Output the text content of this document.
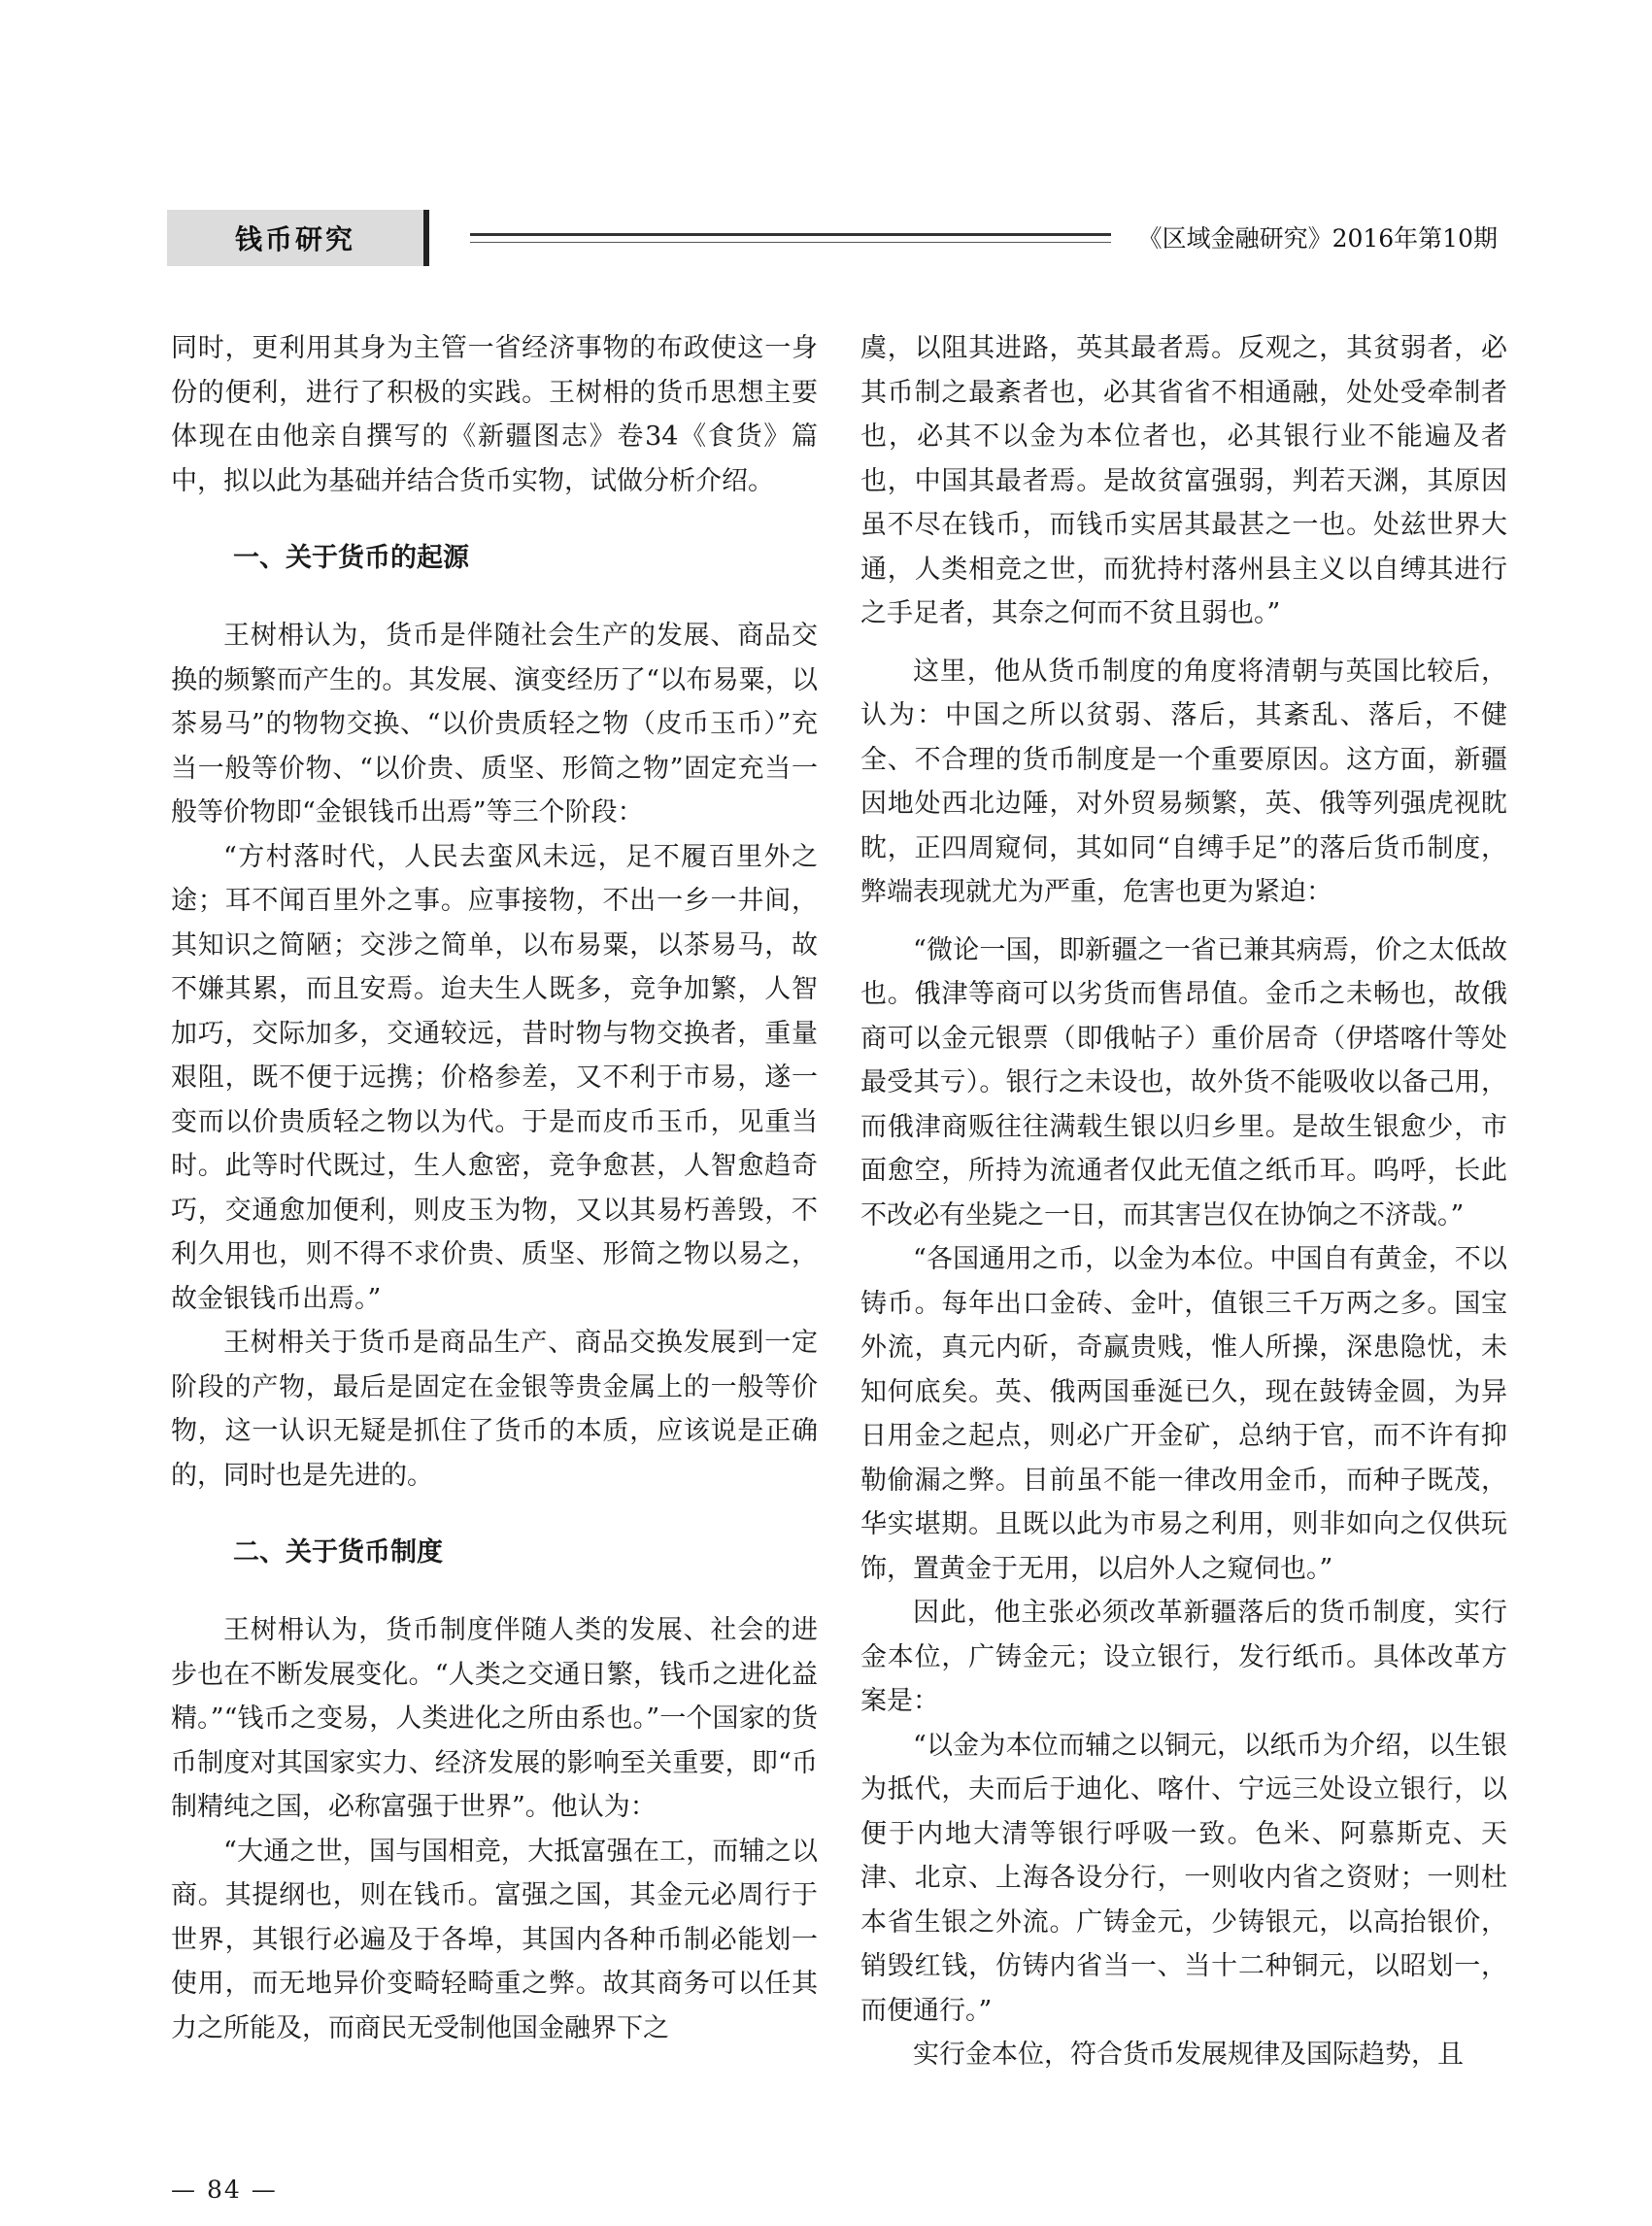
钱币研究	《区域金融研究》2016年第10期

同时，更利用其身为主管一省经济事物的布政使这一身份的便利，进行了积极的实践。王树枏的货币思想主要体现在由他亲自撰写的《新疆图志》卷34《食货》篇中，拟以此为基础并结合货币实物，试做分析介绍。

一、关于货币的起源

王树枏认为，货币是伴随社会生产的发展、商品交换的频繁而产生的。其发展、演变经历了“以布易粟，以茶易马”的物物交换、“以价贵质轻之物（皮币玉币）”充当一般等价物、“以价贵、质坚、形简之物”固定充当一般等价物即“金银钱币出焉”等三个阶段：

“方村落时代，人民去蛮风未远，足不履百里外之途；耳不闻百里外之事。应事接物，不出一乡一井间，其知识之简陋；交涉之简单，以布易粟，以茶易马，故不嫌其累，而且安焉。迨夫生人既多，竞争加繁，人智加巧，交际加多，交通较远，昔时物与物交换者，重量艰阻，既不便于远携；价格参差，又不利于市易，遂一变而以价贵质轻之物以为代。于是而皮币玉币，见重当时。此等时代既过，生人愈密，竞争愈甚，人智愈趋奇巧，交通愈加便利，则皮玉为物，又以其易朽善毁，不利久用也，则不得不求价贵、质坚、形简之物以易之，故金银钱币出焉。”

王树枏关于货币是商品生产、商品交换发展到一定阶段的产物，最后是固定在金银等贵金属上的一般等价物，这一认识无疑是抓住了货币的本质，应该说是正确的，同时也是先进的。

二、关于货币制度

王树枏认为，货币制度伴随人类的发展、社会的进步也在不断发展变化。“人类之交通日繁，钱币之进化益精。”“钱币之变易，人类进化之所由系也。”一个国家的货币制度对其国家实力、经济发展的影响至关重要，即“币制精纯之国，必称富强于世界”。他认为：

“大通之世，国与国相竞，大抵富强在工，而辅之以商。其提纲也，则在钱币。富强之国，其金元必周行于世界，其银行必遍及于各埠，其国内各种币制必能划一使用，而无地异价变畸轻畸重之弊。故其商务可以任其力之所能及，而商民无受制他国金融界下之

虞，以阻其进路，英其最者焉。反观之，其贫弱者，必其币制之最紊者也，必其省省不相通融，处处受牵制者也，必其不以金为本位者也，必其银行业不能遍及者也，中国其最者焉。是故贫富强弱，判若天渊，其原因虽不尽在钱币，而钱币实居其最甚之一也。处兹世界大通，人类相竞之世，而犹持村落州县主义以自缚其进行之手足者，其奈之何而不贫且弱也。”

这里，他从货币制度的角度将清朝与英国比较后，认为：中国之所以贫弱、落后，其紊乱、落后，不健全、不合理的货币制度是一个重要原因。这方面，新疆因地处西北边陲，对外贸易频繁，英、俄等列强虎视眈眈，正四周窥伺，其如同“自缚手足”的落后货币制度，弊端表现就尤为严重，危害也更为紧迫：

“微论一国，即新疆之一省已兼其病焉，价之太低故也。俄津等商可以劣货而售昂值。金币之未畅也，故俄商可以金元银票（即俄帖子）重价居奇（伊塔喀什等处最受其亏）。银行之未设也，故外货不能吸收以备己用，而俄津商贩往往满载生银以归乡里。是故生银愈少，市面愈空，所持为流通者仅此无值之纸币耳。呜呼，长此不改必有坐毙之一日，而其害岂仅在协饷之不济哉。”

“各国通用之币，以金为本位。中国自有黄金，不以铸币。每年出口金砖、金叶，值银三千万两之多。国宝外流，真元内斫，奇赢贵贱，惟人所操，深患隐忧，未知何底矣。英、俄两国垂涎已久，现在鼓铸金圆，为异日用金之起点，则必广开金矿，总纳于官，而不许有抑勒偷漏之弊。目前虽不能一律改用金币，而种子既茂，华实堪期。且既以此为市易之利用，则非如向之仅供玩饰，置黄金于无用，以启外人之窥伺也。”

因此，他主张必须改革新疆落后的货币制度，实行金本位，广铸金元；设立银行，发行纸币。具体改革方案是：

“以金为本位而辅之以铜元，以纸币为介绍，以生银为抵代，夫而后于迪化、喀什、宁远三处设立银行，以便于内地大清等银行呼吸一致。色米、阿慕斯克、天津、北京、上海各设分行，一则收内省之资财；一则杜本省生银之外流。广铸金元，少铸银元，以高抬银价，销毁红钱，仿铸内省当一、当十二种铜元，以昭划一，而便通行。”

实行金本位，符合货币发展规律及国际趋势，且

— 84 —
